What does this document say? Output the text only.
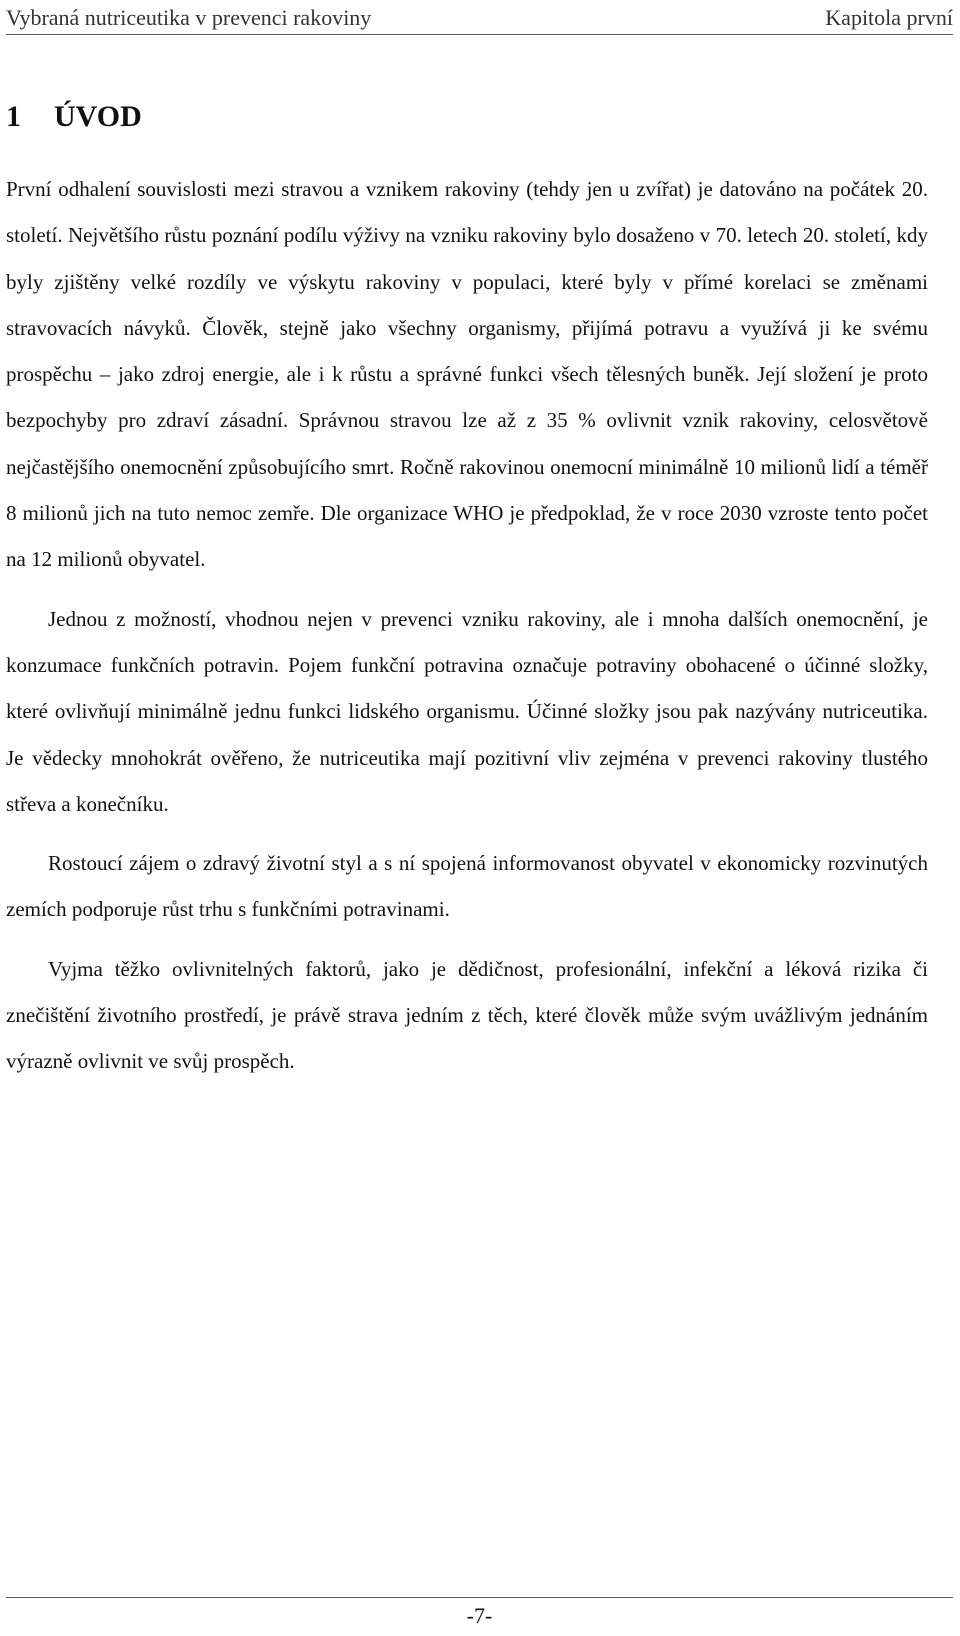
Vybraná nutriceutika v prevenci rakoviny	Kapitola první
1 ÚVOD

První odhalení souvislosti mezi stravou a vznikem rakoviny (tehdy jen u zvířat) je datováno na počátek 20. století. Největšího růstu poznání podílu výživy na vzniku rakoviny bylo dosaženo v 70. letech 20. století, kdy byly zjištěny velké rozdíly ve výskytu rakoviny v populaci, které byly v přímé korelaci se změnami stravovacích návyků. Člověk, stejně jako všechny organismy, přijímá potravu a využívá ji ke svému prospěchu – jako zdroj energie, ale i k růstu a správné funkci všech tělesných buněk. Její složení je proto bezpochyby pro zdraví zásadní. Správnou stravou lze až z 35 % ovlivnit vznik rakoviny, celosvětově nejčastějšího onemocnění způsobujícího smrt. Ročně rakovinou onemocní minimálně 10 milionů lidí a téměř 8 milionů jich na tuto nemoc zemře. Dle organizace WHO je předpoklad, že v roce 2030 vzroste tento počet na 12 milionů obyvatel.

Jednou z možností, vhodnou nejen v prevenci vzniku rakoviny, ale i mnoha dalších onemocnění, je konzumace funkčních potravin. Pojem funkční potravina označuje potraviny obohacené o účinné složky, které ovlivňují minimálně jednu funkci lidského organismu. Účinné složky jsou pak nazývány nutriceutika. Je vědecky mnohokrát ověřeno, že nutriceutika mají pozitivní vliv zejména v prevenci rakoviny tlustého střeva a konečníku.

Rostoucí zájem o zdravý životní styl a s ní spojená informovanost obyvatel v ekonomicky rozvinutých zemích podporuje růst trhu s funkčními potravinami.

Vyjma těžko ovlivnitelných faktorů, jako je dědičnost, profesionální, infekční a léková rizika či znečištění životního prostředí, je právě strava jedním z těch, které člověk může svým uvážlivým jednáním výrazně ovlivnit ve svůj prospěch.

-7-
